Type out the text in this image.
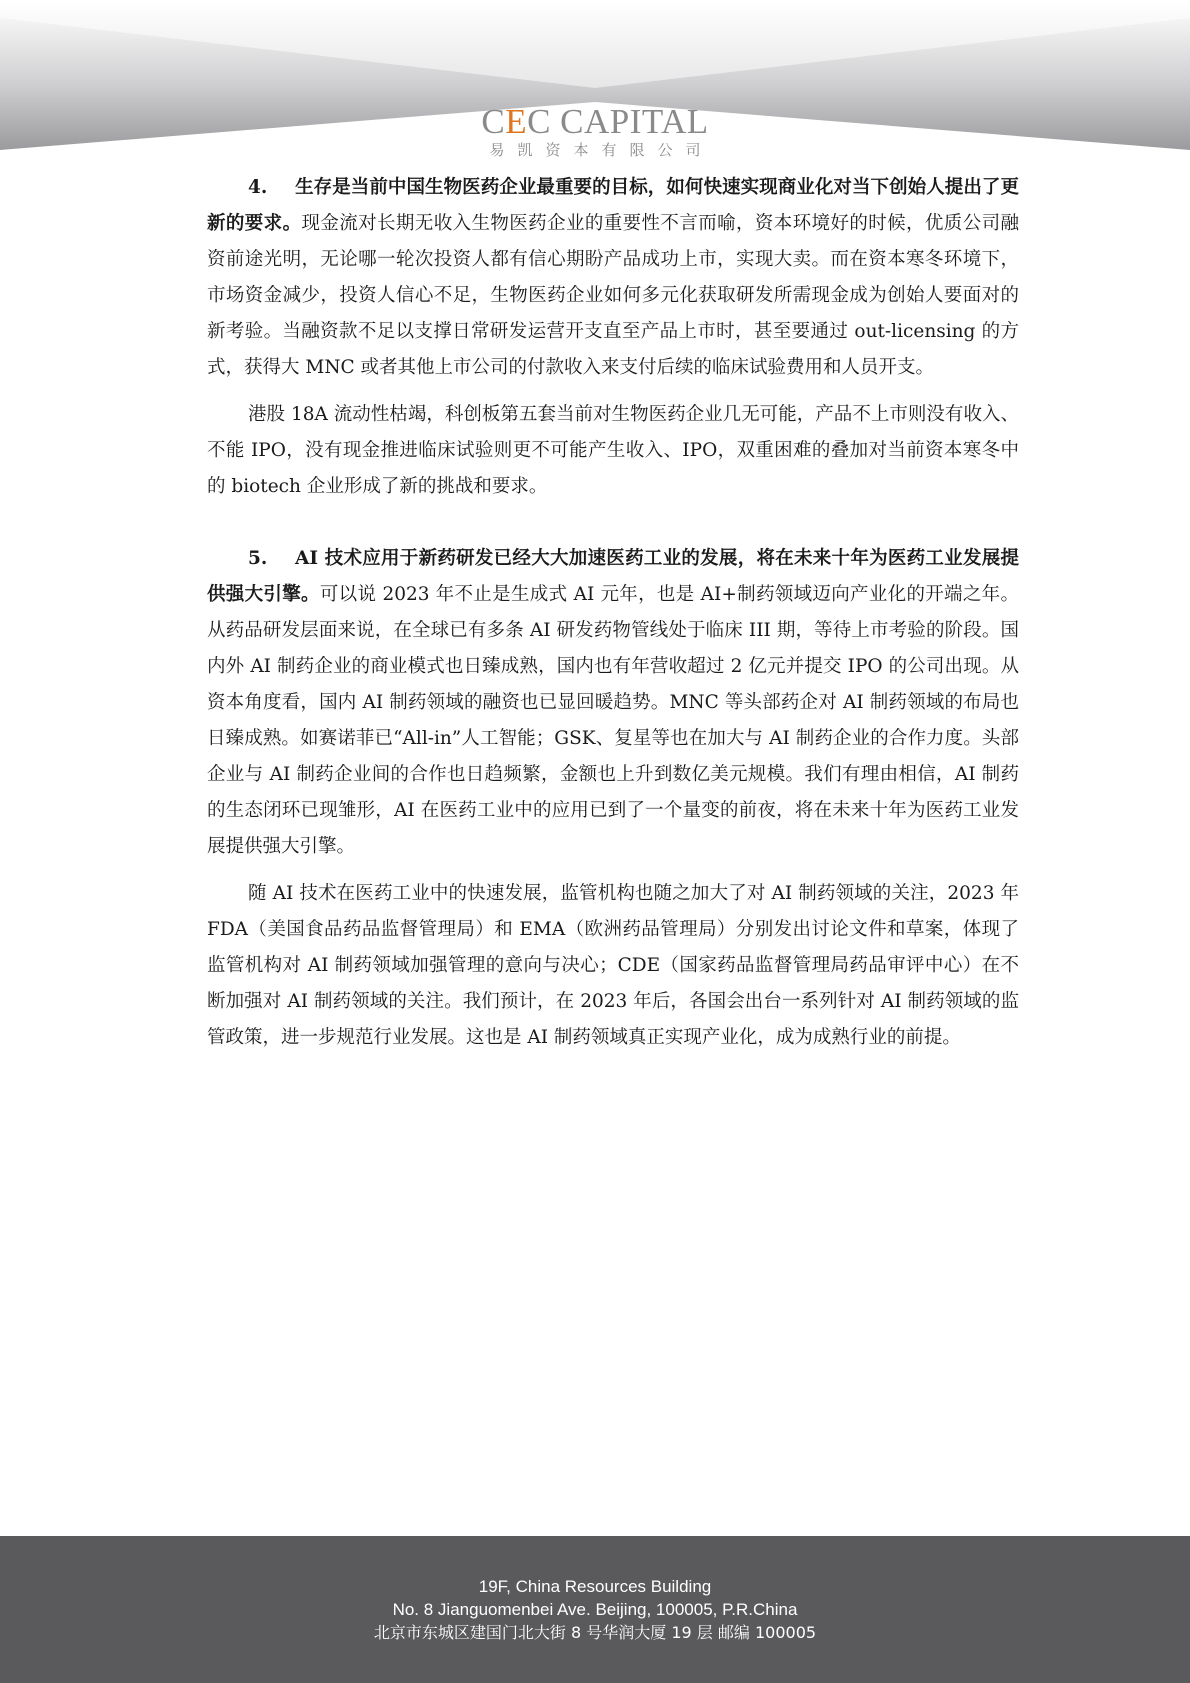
CEC CAPITAL
易凯资本有限公司

4. 生存是当前中国生物医药企业最重要的目标，如何快速实现商业化对当下创始人提出了更新的要求。现金流对长期无收入生物医药企业的重要性不言而喻，资本环境好的时候，优质公司融资前途光明，无论哪一轮次投资人都有信心期盼产品成功上市，实现大卖。而在资本寒冬环境下，市场资金减少，投资人信心不足，生物医药企业如何多元化获取研发所需现金成为创始人要面对的新考验。当融资款不足以支撑日常研发运营开支直至产品上市时，甚至要通过 out-licensing 的方式，获得大 MNC 或者其他上市公司的付款收入来支付后续的临床试验费用和人员开支。

港股 18A 流动性枯竭，科创板第五套当前对生物医药企业几无可能，产品不上市则没有收入、不能 IPO，没有现金推进临床试验则更不可能产生收入、IPO，双重困难的叠加对当前资本寒冬中的 biotech 企业形成了新的挑战和要求。

5. AI 技术应用于新药研发已经大大加速医药工业的发展，将在未来十年为医药工业发展提供强大引擎。可以说 2023 年不止是生成式 AI 元年，也是 AI+制药领域迈向产业化的开端之年。从药品研发层面来说，在全球已有多条 AI 研发药物管线处于临床 III 期，等待上市考验的阶段。国内外 AI 制药企业的商业模式也日臻成熟，国内也有年营收超过 2 亿元并提交 IPO 的公司出现。从资本角度看，国内 AI 制药领域的融资也已显回暖趋势。MNC 等头部药企对 AI 制药领域的布局也日臻成熟。如赛诺菲已“All-in”人工智能；GSK、复星等也在加大与 AI 制药企业的合作力度。头部企业与 AI 制药企业间的合作也日趋频繁，金额也上升到数亿美元规模。我们有理由相信，AI 制药的生态闭环已现雏形，AI 在医药工业中的应用已到了一个量变的前夜，将在未来十年为医药工业发展提供强大引擎。

随 AI 技术在医药工业中的快速发展，监管机构也随之加大了对 AI 制药领域的关注，2023 年 FDA（美国食品药品监督管理局）和 EMA（欧洲药品管理局）分别发出讨论文件和草案，体现了监管机构对 AI 制药领域加强管理的意向与决心；CDE（国家药品监督管理局药品审评中心）在不断加强对 AI 制药领域的关注。我们预计，在 2023 年后，各国会出台一系列针对 AI 制药领域的监管政策，进一步规范行业发展。这也是 AI 制药领域真正实现产业化，成为成熟行业的前提。

19F, China Resources Building
No. 8 Jianguomenbei Ave. Beijing, 100005, P.R.China
北京市东城区建国门北大街 8 号华润大厦 19 层 邮编 100005
